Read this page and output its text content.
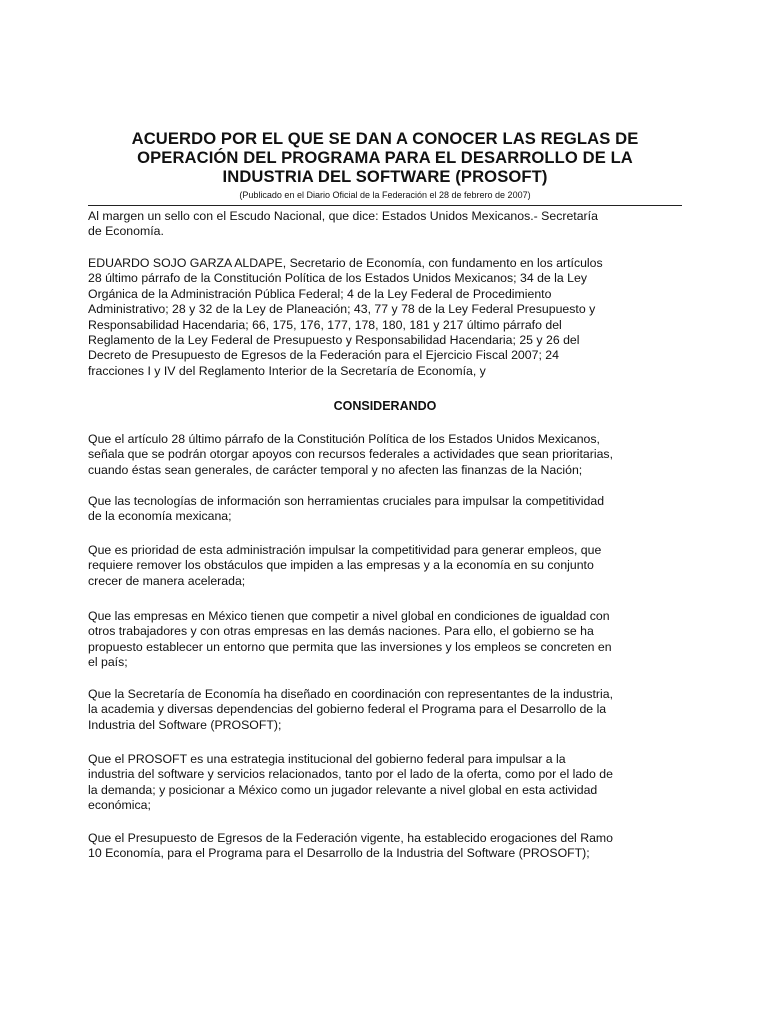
ACUERDO POR EL QUE SE DAN A CONOCER LAS REGLAS DE
OPERACIÓN DEL PROGRAMA PARA EL DESARROLLO DE LA
INDUSTRIA DEL SOFTWARE (PROSOFT)
(Publicado en el Diario Oficial de la Federación el 28 de febrero de 2007)
Al margen un sello con el Escudo Nacional, que dice: Estados Unidos Mexicanos.- Secretaría
de Economía.
EDUARDO SOJO GARZA ALDAPE, Secretario de Economía, con fundamento en los artículos
28 último párrafo de la Constitución Política de los Estados Unidos Mexicanos; 34 de la Ley
Orgánica de la Administración Pública Federal; 4 de la Ley Federal de Procedimiento
Administrativo; 28 y 32 de la Ley de Planeación; 43, 77 y 78 de la Ley Federal Presupuesto y
Responsabilidad Hacendaria; 66, 175, 176, 177, 178, 180, 181 y 217 último párrafo del
Reglamento de la Ley Federal de Presupuesto y Responsabilidad Hacendaria; 25 y 26 del
Decreto de Presupuesto de Egresos de la Federación para el Ejercicio Fiscal 2007; 24
fracciones I y IV del Reglamento Interior de la Secretaría de Economía, y
CONSIDERANDO
Que el artículo 28 último párrafo de la Constitución Política de los Estados Unidos Mexicanos,
señala que se podrán otorgar apoyos con recursos federales a actividades que sean prioritarias,
cuando éstas sean generales, de carácter temporal y no afecten las finanzas de la Nación;
Que las tecnologías de información son herramientas cruciales para impulsar la competitividad
de la economía mexicana;
Que es prioridad de esta administración impulsar la competitividad para generar empleos, que
requiere remover los obstáculos que impiden a las empresas y a la economía en su conjunto
crecer de manera acelerada;
Que las empresas en México tienen que competir a nivel global en condiciones de igualdad con
otros trabajadores y con otras empresas en las demás naciones. Para ello, el gobierno se ha
propuesto establecer un entorno que permita que las inversiones y los empleos se concreten en
el país;
Que la Secretaría de Economía ha diseñado en coordinación con representantes de la industria,
la academia y diversas dependencias del gobierno federal el Programa para el Desarrollo de la
Industria del Software (PROSOFT);
Que el PROSOFT es una estrategia institucional del gobierno federal para impulsar a la
industria del software y servicios relacionados, tanto por el lado de la oferta, como por el lado de
la demanda; y posicionar a México como un jugador relevante a nivel global en esta actividad
económica;
Que el Presupuesto de Egresos de la Federación vigente, ha establecido erogaciones del Ramo
10 Economía, para el Programa para el Desarrollo de la Industria del Software (PROSOFT);
